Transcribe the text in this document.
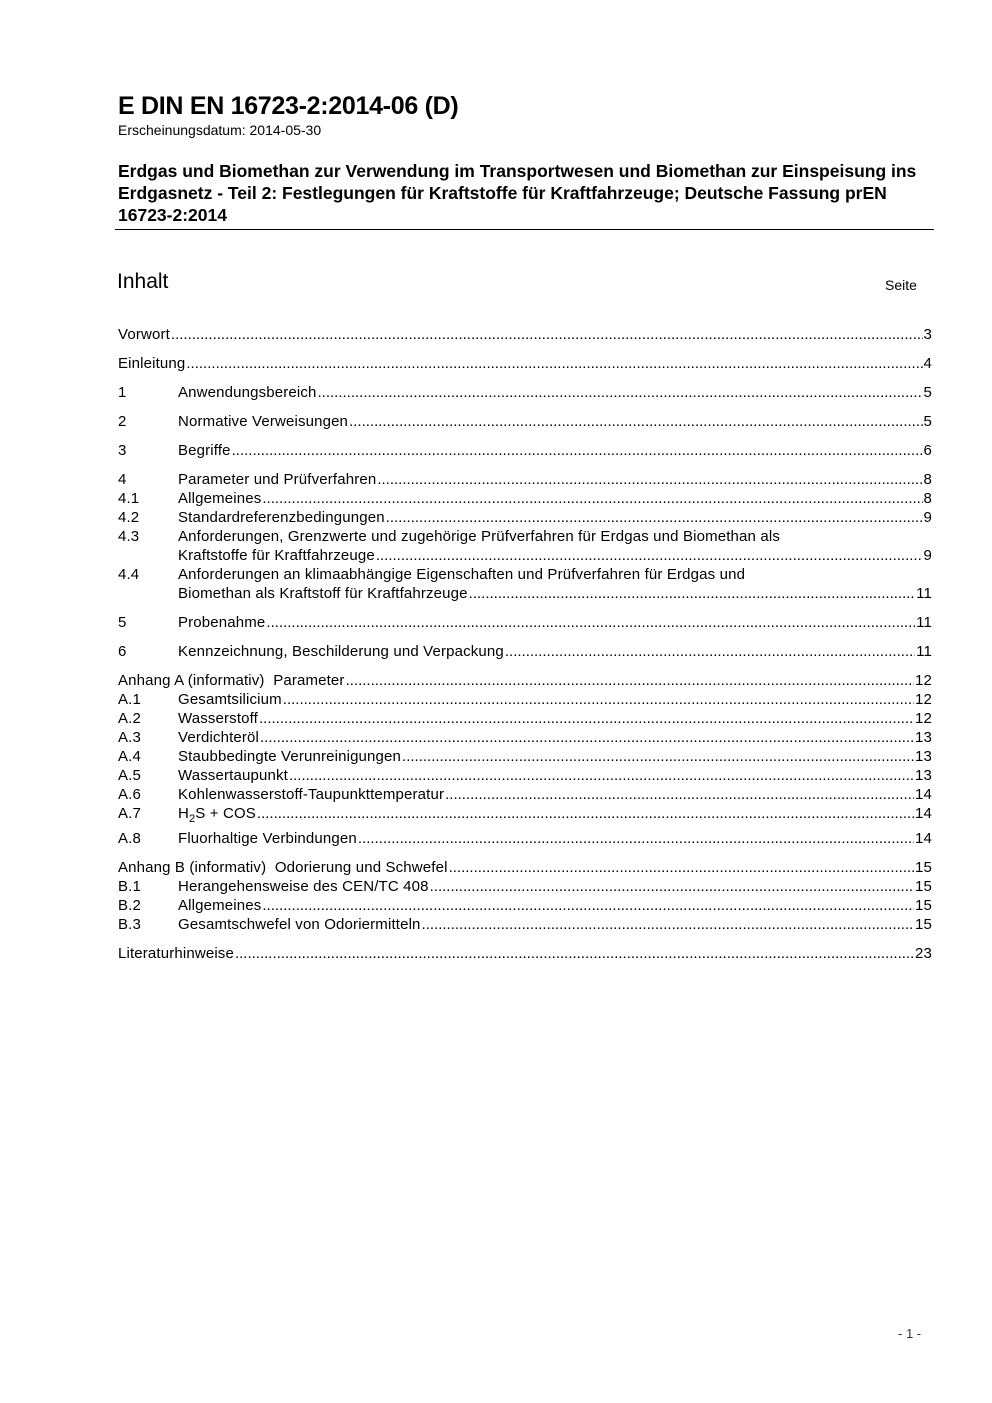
E DIN EN 16723-2:2014-06 (D)
Erscheinungsdatum: 2014-05-30
Erdgas und Biomethan zur Verwendung im Transportwesen und Biomethan zur Einspeisung ins Erdgasnetz - Teil 2: Festlegungen für Kraftstoffe für Kraftfahrzeuge; Deutsche Fassung prEN 16723-2:2014
Inhalt	Seite
Vorwort .....	3
Einleitung .....	4
1	Anwendungsbereich .....	5
2	Normative Verweisungen .....	5
3	Begriffe .....	6
4	Parameter und Prüfverfahren .....	8
4.1	Allgemeines .....	8
4.2	Standardreferenzbedingungen .....	9
4.3	Anforderungen, Grenzwerte und zugehörige Prüfverfahren für Erdgas und Biomethan als
Kraftstoffe für Kraftfahrzeuge .....	9
4.4	Anforderungen an klimaabhängige Eigenschaften und Prüfverfahren für Erdgas und
Biomethan als Kraftstoff für Kraftfahrzeuge .....	11
5	Probenahme .....	11
6	Kennzeichnung, Beschilderung und Verpackung .....	11
Anhang A (informativ)  Parameter .....	12
A.1	Gesamtsilicium .....	12
A.2	Wasserstoff .....	12
A.3	Verdichteröl .....	13
A.4	Staubbedingte Verunreinigungen .....	13
A.5	Wassertaupunkt .....	13
A.6	Kohlenwasserstoff-Taupunkttemperatur .....	14
A.7	$H_2S$ + COS .....	14
A.8	Fluorhaltige Verbindungen .....	14
Anhang B (informativ)  Odorierung und Schwefel .....	15
B.1	Herangehensweise des CEN/TC 408 .....	15
B.2	Allgemeines .....	15
B.3	Gesamtschwefel von Odoriermitteln .....	15
Literaturhinweise .....	23
- 1 -
